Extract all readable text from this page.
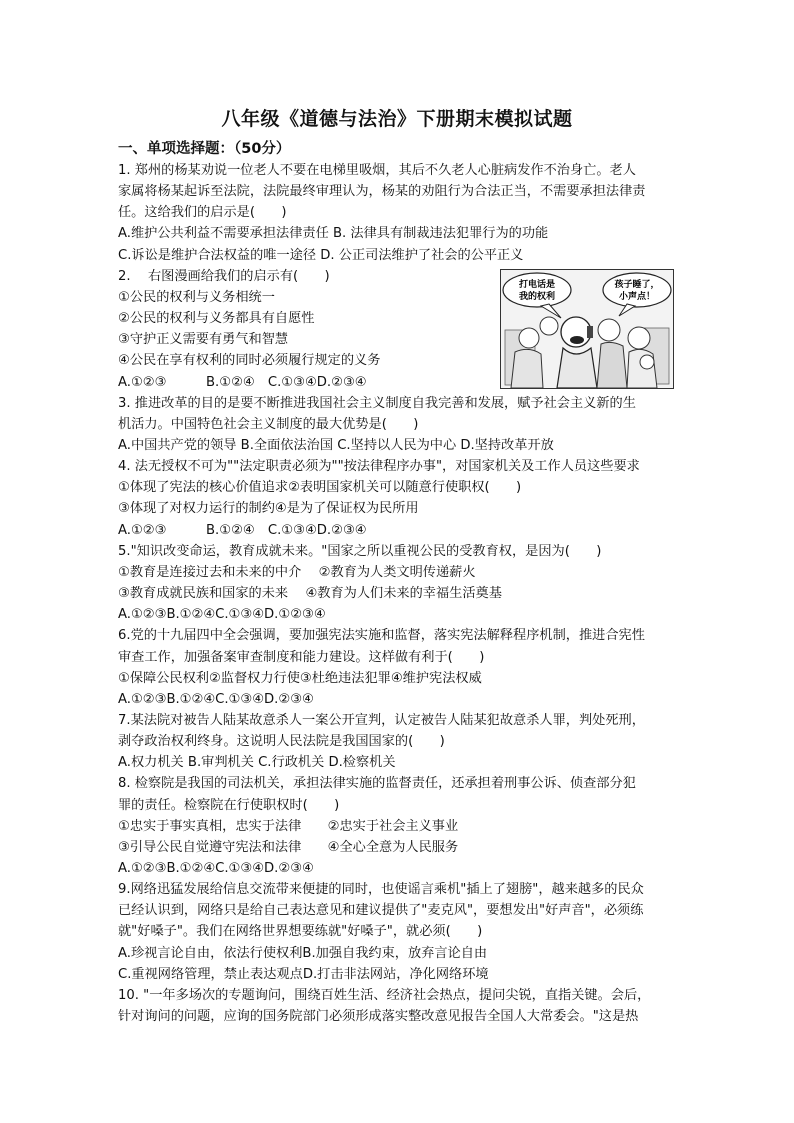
八年级《道德与法治》下册期末模拟试题
一、单项选择题：（50分）
1. 郑州的杨某劝说一位老人不要在电梯里吸烟，其后不久老人心脏病发作不治身亡。老人
家属将杨某起诉至法院，法院最终审理认为，杨某的劝阻行为合法正当，不需要承担法律责
任。这给我们的启示是(　　)
A.维护公共利益不需要承担法律责任 B. 法律具有制裁违法犯罪行为的功能
C.诉讼是维护合法权益的唯一途径 D. 公正司法维护了社会的公平正义
2.　 右图漫画给我们的启示有(　　)
①公民的权利与义务相统一
②公民的权利与义务都具有自愿性
③守护正义需要有勇气和智慧
④公民在享有权利的同时必须履行规定的义务
A.①②③　　　B.①②④　C.①③④D.②③④
3. 推进改革的目的是要不断推进我国社会主义制度自我完善和发展，赋予社会主义新的生
机活力。中国特色社会主义制度的最大优势是(　　)
A.中国共产党的领导 B.全面依法治国 C.坚持以人民为中心 D.坚持改革开放
4. 法无授权不可为""法定职责必须为""按法律程序办事"，对国家机关及工作人员这些要求
①体现了宪法的核心价值追求②表明国家机关可以随意行使职权(　　)
③体现了对权力运行的制约④是为了保证权为民所用
A.①②③　　　B.①②④　C.①③④D.②③④
5."知识改变命运，教育成就未来。"国家之所以重视公民的受教育权，是因为(　　)
①教育是连接过去和未来的中介　 ②教育为人类文明传递薪火
③教育成就民族和国家的未来　 ④教育为人们未来的幸福生活奠基
A.①②③B.①②④C.①③④D.①②③④
6.党的十九届四中全会强调，要加强宪法实施和监督，落实宪法解释程序机制，推进合宪性
审查工作，加强备案审查制度和能力建设。这样做有利于(　　)
①保障公民权利②监督权力行使③杜绝违法犯罪④维护宪法权威
A.①②③B.①②④C.①③④D.②③④
7.某法院对被告人陆某故意杀人一案公开宣判，认定被告人陆某犯故意杀人罪，判处死刑，
剥夺政治权利终身。这说明人民法院是我国国家的(　　)
A.权力机关 B.审判机关 C.行政机关 D.检察机关
8. 检察院是我国的司法机关，承担法律实施的监督责任，还承担着刑事公诉、侦查部分犯
罪的责任。检察院在行使职权时(　　)
①忠实于事实真相，忠实于法律　　②忠实于社会主义事业
③引导公民自觉遵守宪法和法律　　④全心全意为人民服务
A.①②③B.①②④C.①③④D.②③④
9.网络迅猛发展给信息交流带来便捷的同时，也使谣言乘机"插上了翅膀"，越来越多的民众
已经认识到，网络只是给自己表达意见和建议提供了"麦克风"，要想发出"好声音"，必须练
就"好嗓子"。我们在网络世界想要练就"好嗓子"，就必须(　　)
A.珍视言论自由，依法行使权利B.加强自我约束，放弃言论自由
C.重视网络管理，禁止表达观点D.打击非法网站，净化网络环境
10. "一年多场次的专题询问，围绕百姓生活、经济社会热点，提问尖锐，直指关键。会后，
针对询问的问题，应询的国务院部门必须形成落实整改意见报告全国人大常委会。"这是热
打电话是
我的权利
孩子睡了，
小声点！
